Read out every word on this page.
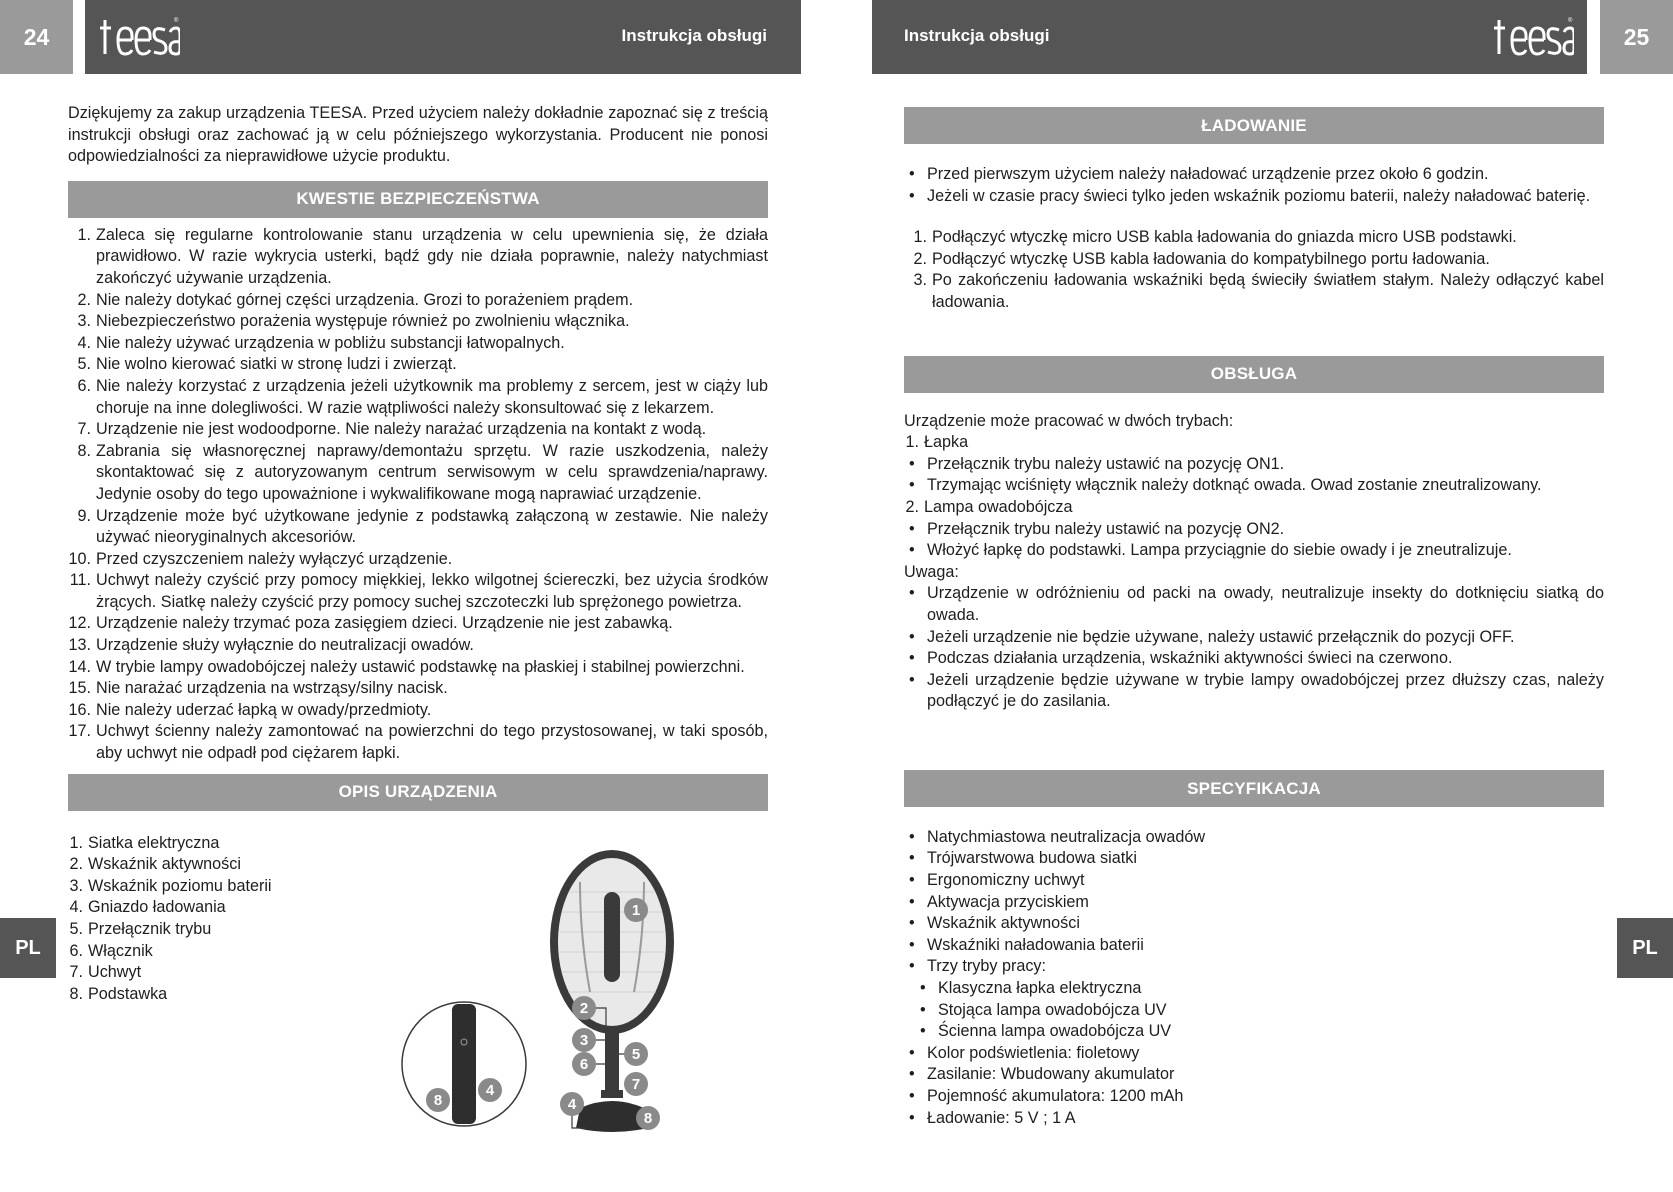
24
®
Instrukcja obsługi	Instrukcja obsługi
®
25
PL	PL

Dziękujemy za zakup urządzenia TEESA. Przed użyciem należy dokładnie zapoznać się z treścią instrukcji obsługi oraz zachować ją w celu późniejszego wykorzystania. Producent nie ponosi odpowiedzialności za nieprawidłowe użycie produktu.

KWESTIE BEZPIECZEŃSTWA
1. Zaleca się regularne kontrolowanie stanu urządzenia w celu upewnienia się, że działa prawidłowo. W razie wykrycia usterki, bądź gdy nie działa poprawnie, należy natychmiast zakończyć używanie urządzenia.
2. Nie należy dotykać górnej części urządzenia. Grozi to porażeniem prądem.
3. Niebezpieczeństwo porażenia występuje również po zwolnieniu włącznika.
4. Nie należy używać urządzenia w pobliżu substancji łatwopalnych.
5. Nie wolno kierować siatki w stronę ludzi i zwierząt.
6. Nie należy korzystać z urządzenia jeżeli użytkownik ma problemy z sercem, jest w ciąży lub choruje na inne dolegliwości. W razie wątpliwości należy skonsultować się z lekarzem.
7. Urządzenie nie jest wodoodporne. Nie należy narażać urządzenia na kontakt z wodą.
8. Zabrania się własnoręcznej naprawy/demontażu sprzętu. W razie uszkodzenia, należy skontaktować się z autoryzowanym centrum serwisowym w celu sprawdzenia/naprawy. Jedynie osoby do tego upoważnione i wykwalifikowane mogą naprawiać urządzenie.
9. Urządzenie może być użytkowane jedynie z podstawką załączoną w zestawie. Nie należy używać nieoryginalnych akcesoriów.
10. Przed czyszczeniem należy wyłączyć urządzenie.
11. Uchwyt należy czyścić przy pomocy miękkiej, lekko wilgotnej ściereczki, bez użycia środków żrących. Siatkę należy czyścić przy pomocy suchej szczoteczki lub sprężonego powietrza.
12. Urządzenie należy trzymać poza zasięgiem dzieci. Urządzenie nie jest zabawką.
13. Urządzenie służy wyłącznie do neutralizacji owadów.
14. W trybie lampy owadobójczej należy ustawić podstawkę na płaskiej i stabilnej powierzchni.
15. Nie narażać urządzenia na wstrząsy/silny nacisk.
16. Nie należy uderzać łapką w owady/przedmioty.
17. Uchwyt ścienny należy zamontować na powierzchni do tego przystosowanej, w taki sposób, aby uchwyt nie odpadł pod ciężarem łapki.
OPIS URZĄDZENIA
1. Siatka elektryczna
2. Wskaźnik aktywności
3. Wskaźnik poziomu baterii
4. Gniazdo ładowania
5. Przełącznik trybu
6. Włącznik
7. Uchwyt
8. Podstawka
1
2
3
6
5
7
4
8
8
4
ŁADOWANIE
• Przed pierwszym użyciem należy naładować urządzenie przez około 6 godzin.
• Jeżeli w czasie pracy świeci tylko jeden wskaźnik poziomu baterii, należy naładować baterię.
1. Podłączyć wtyczkę micro USB kabla ładowania do gniazda micro USB podstawki.
2. Podłączyć wtyczkę USB kabla ładowania do kompatybilnego portu ładowania.
3. Po zakończeniu ładowania wskaźniki będą świeciły światłem stałym. Należy odłączyć kabel ładowania.
OBSŁUGA

Urządzenie może pracować w dwóch trybach:

1. Łapka
• Przełącznik trybu należy ustawić na pozycję ON1.
• Trzymając wciśnięty włącznik należy dotknąć owada. Owad zostanie zneutralizowany.
2. Lampa owadobójcza
• Przełącznik trybu należy ustawić na pozycję ON2.
• Włożyć łapkę do podstawki. Lampa przyciągnie do siebie owady i je zneutralizuje.

Uwaga:

• Urządzenie w odróżnieniu od packi na owady, neutralizuje insekty do dotknięciu siatką do owada.
• Jeżeli urządzenie nie będzie używane, należy ustawić przełącznik do pozycji OFF.
• Podczas działania urządzenia, wskaźniki aktywności świeci na czerwono.
• Jeżeli urządzenie będzie używane w trybie lampy owadobójczej przez dłuższy czas, należy podłączyć je do zasilania.
SPECYFIKACJA
• Natychmiastowa neutralizacja owadów
• Trójwarstwowa budowa siatki
• Ergonomiczny uchwyt
• Aktywacja przyciskiem
• Wskaźnik aktywności
• Wskaźniki naładowania baterii
• Trzy tryby pracy:
• Klasyczna łapka elektryczna
• Stojąca lampa owadobójcza UV
• Ścienna lampa owadobójcza UV
• Kolor podświetlenia: fioletowy
• Zasilanie: Wbudowany akumulator
• Pojemność akumulatora: 1200 mAh
• Ładowanie: 5 V ; 1 A
